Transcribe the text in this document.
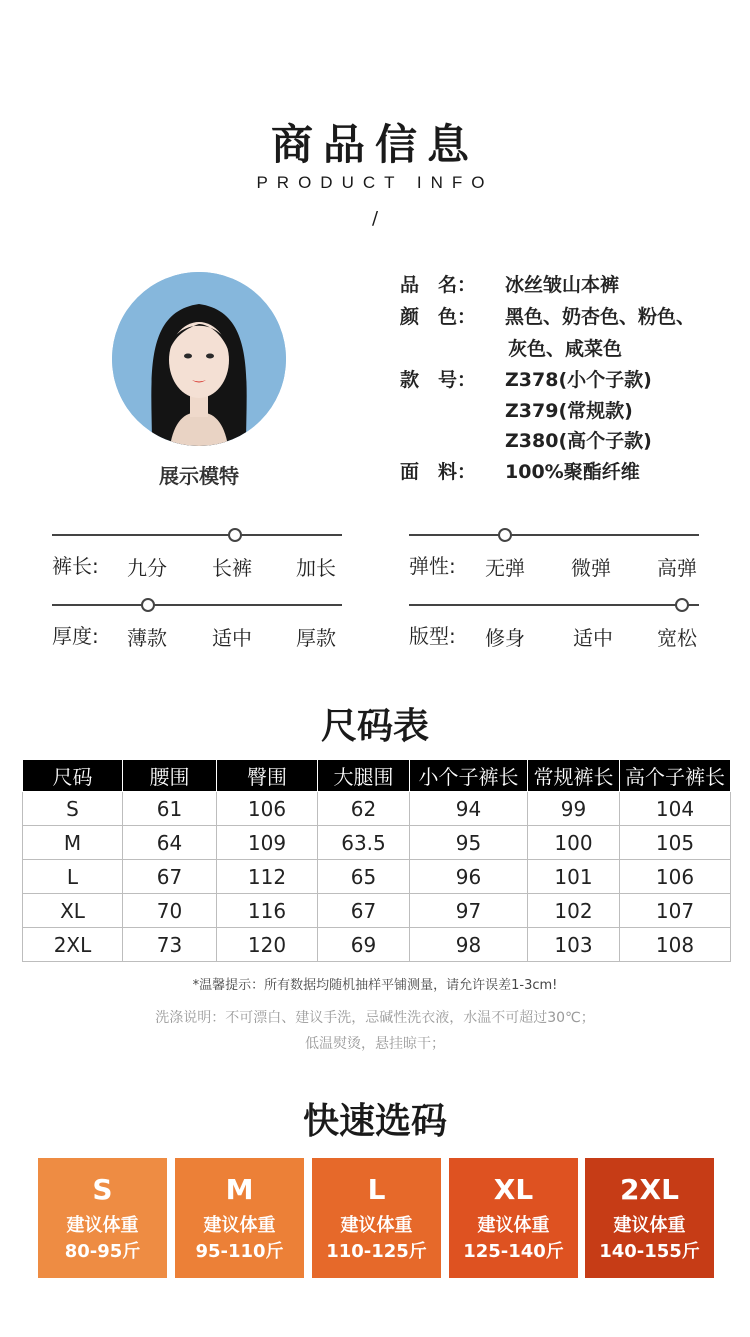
商品信息
PRODUCT INFO
/
展示模特
品　名：	冰丝皱山本裤
颜　色：	黑色、奶杏色、粉色、
灰色、咸菜色
款　号：	Z378(小个子款)
Z379(常规款)
Z380(高个子款)
面　料：	100%聚酯纤维
裤长: 九分 长裤 加长	弹性: 无弹 微弹 高弹
厚度: 薄款 适中 厚款	版型: 修身 适中 宽松
尺码表
尺码	腰围	臀围	大腿围	小个子裤长	常规裤长	高个子裤长
S	61	106	62	94	99	104
M	64	109	63.5	95	100	105
L	67	112	65	96	101	106
XL	70	116	67	97	102	107
2XL	73	120	69	98	103	108
*温馨提示：所有数据均随机抽样平铺测量，请允许误差1-3cm!
洗涤说明：不可漂白、建议手洗，忌碱性洗衣液，水温不可超过30℃；
低温熨烫，悬挂晾干；
快速选码
S
建议体重
80-95斤
M
建议体重
95-110斤
L
建议体重
110-125斤
XL
建议体重
125-140斤
2XL
建议体重
140-155斤
